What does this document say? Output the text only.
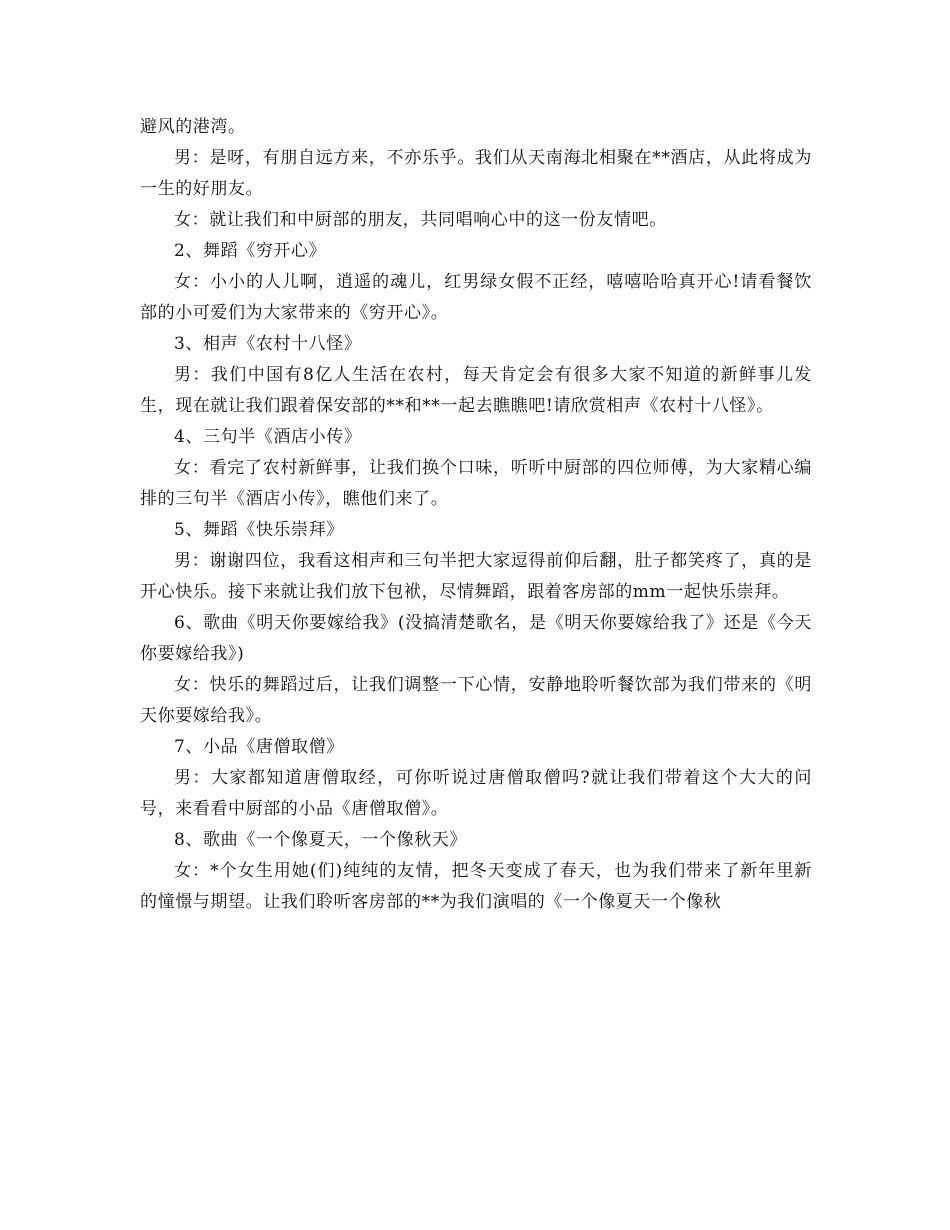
避风的港湾。

男：是呀，有朋自远方来，不亦乐乎。我们从天南海北相聚在**酒店，从此将成为一生的好朋友。

女：就让我们和中厨部的朋友，共同唱响心中的这一份友情吧。

2、舞蹈《穷开心》

女：小小的人儿啊，逍遥的魂儿，红男绿女假不正经，嘻嘻哈哈真开心!请看餐饮部的小可爱们为大家带来的《穷开心》。

3、相声《农村十八怪》

男：我们中国有8亿人生活在农村，每天肯定会有很多大家不知道的新鲜事儿发生，现在就让我们跟着保安部的**和**一起去瞧瞧吧!请欣赏相声《农村十八怪》。

4、三句半《酒店小传》

女：看完了农村新鲜事，让我们换个口味，听听中厨部的四位师傅，为大家精心编排的三句半《酒店小传》，瞧他们来了。

5、舞蹈《快乐崇拜》

男：谢谢四位，我看这相声和三句半把大家逗得前仰后翻，肚子都笑疼了，真的是开心快乐。接下来就让我们放下包袱，尽情舞蹈，跟着客房部的mm一起快乐崇拜。

6、歌曲《明天你要嫁给我》(没搞清楚歌名，是《明天你要嫁给我了》还是《今天你要嫁给我》)

女：快乐的舞蹈过后，让我们调整一下心情，安静地聆听餐饮部为我们带来的《明天你要嫁给我》。

7、小品《唐僧取僧》

男：大家都知道唐僧取经，可你听说过唐僧取僧吗?就让我们带着这个大大的问号，来看看中厨部的小品《唐僧取僧》。

8、歌曲《一个像夏天，一个像秋天》

女：*个女生用她(们)纯纯的友情，把冬天变成了春天，也为我们带来了新年里新的憧憬与期望。让我们聆听客房部的**为我们演唱的《一个像夏天一个像秋
